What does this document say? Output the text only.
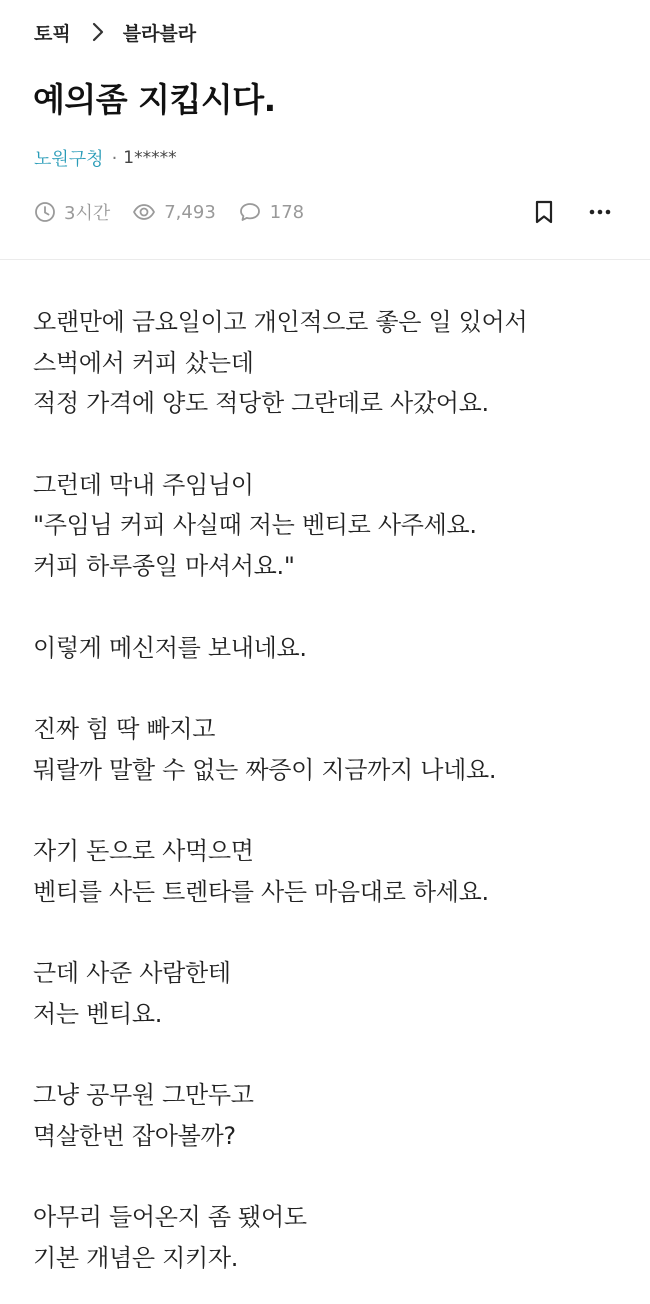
토픽	블라블라
예의좀 지킵시다.
노원구청 · 1*****
3시간	7,493	178
오랜만에 금요일이고 개인적으로 좋은 일 있어서
스벅에서 커피 샀는데
적정 가격에 양도 적당한 그란데로 사갔어요.
그런데 막내 주임님이
"주임님 커피 사실때 저는 벤티로 사주세요.
커피 하루종일 마셔서요."
이렇게 메신저를 보내네요.
진짜 힘 딱 빠지고
뭐랄까 말할 수 없는 짜증이 지금까지 나네요.
자기 돈으로 사먹으면
벤티를 사든 트렌타를 사든 마음대로 하세요.
근데 사준 사람한테
저는 벤티요.
그냥 공무원 그만두고
멱살한번 잡아볼까?
아무리 들어온지 좀 됐어도
기본 개념은 지키자.
